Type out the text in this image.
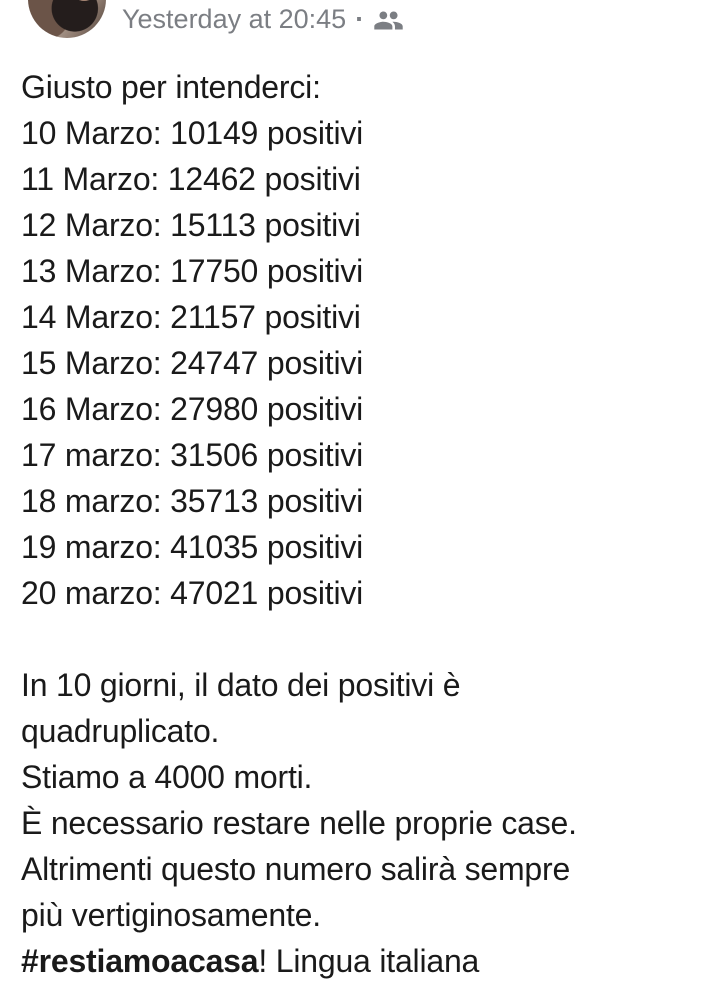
Yesterday at 20:45 ·
Giusto per intenderci:
10 Marzo: 10149 positivi
11 Marzo: 12462 positivi
12 Marzo: 15113 positivi
13 Marzo: 17750 positivi
14 Marzo: 21157 positivi
15 Marzo: 24747 positivi
16 Marzo: 27980 positivi
17 marzo: 31506 positivi
18 marzo: 35713 positivi
19 marzo: 41035 positivi
20 marzo: 47021 positivi
In 10 giorni, il dato dei positivi è
quadruplicato.
Stiamo a 4000 morti.
È necessario restare nelle proprie case.
Altrimenti questo numero salirà sempre
più vertiginosamente.
#restiamoacasa! Lingua italiana
